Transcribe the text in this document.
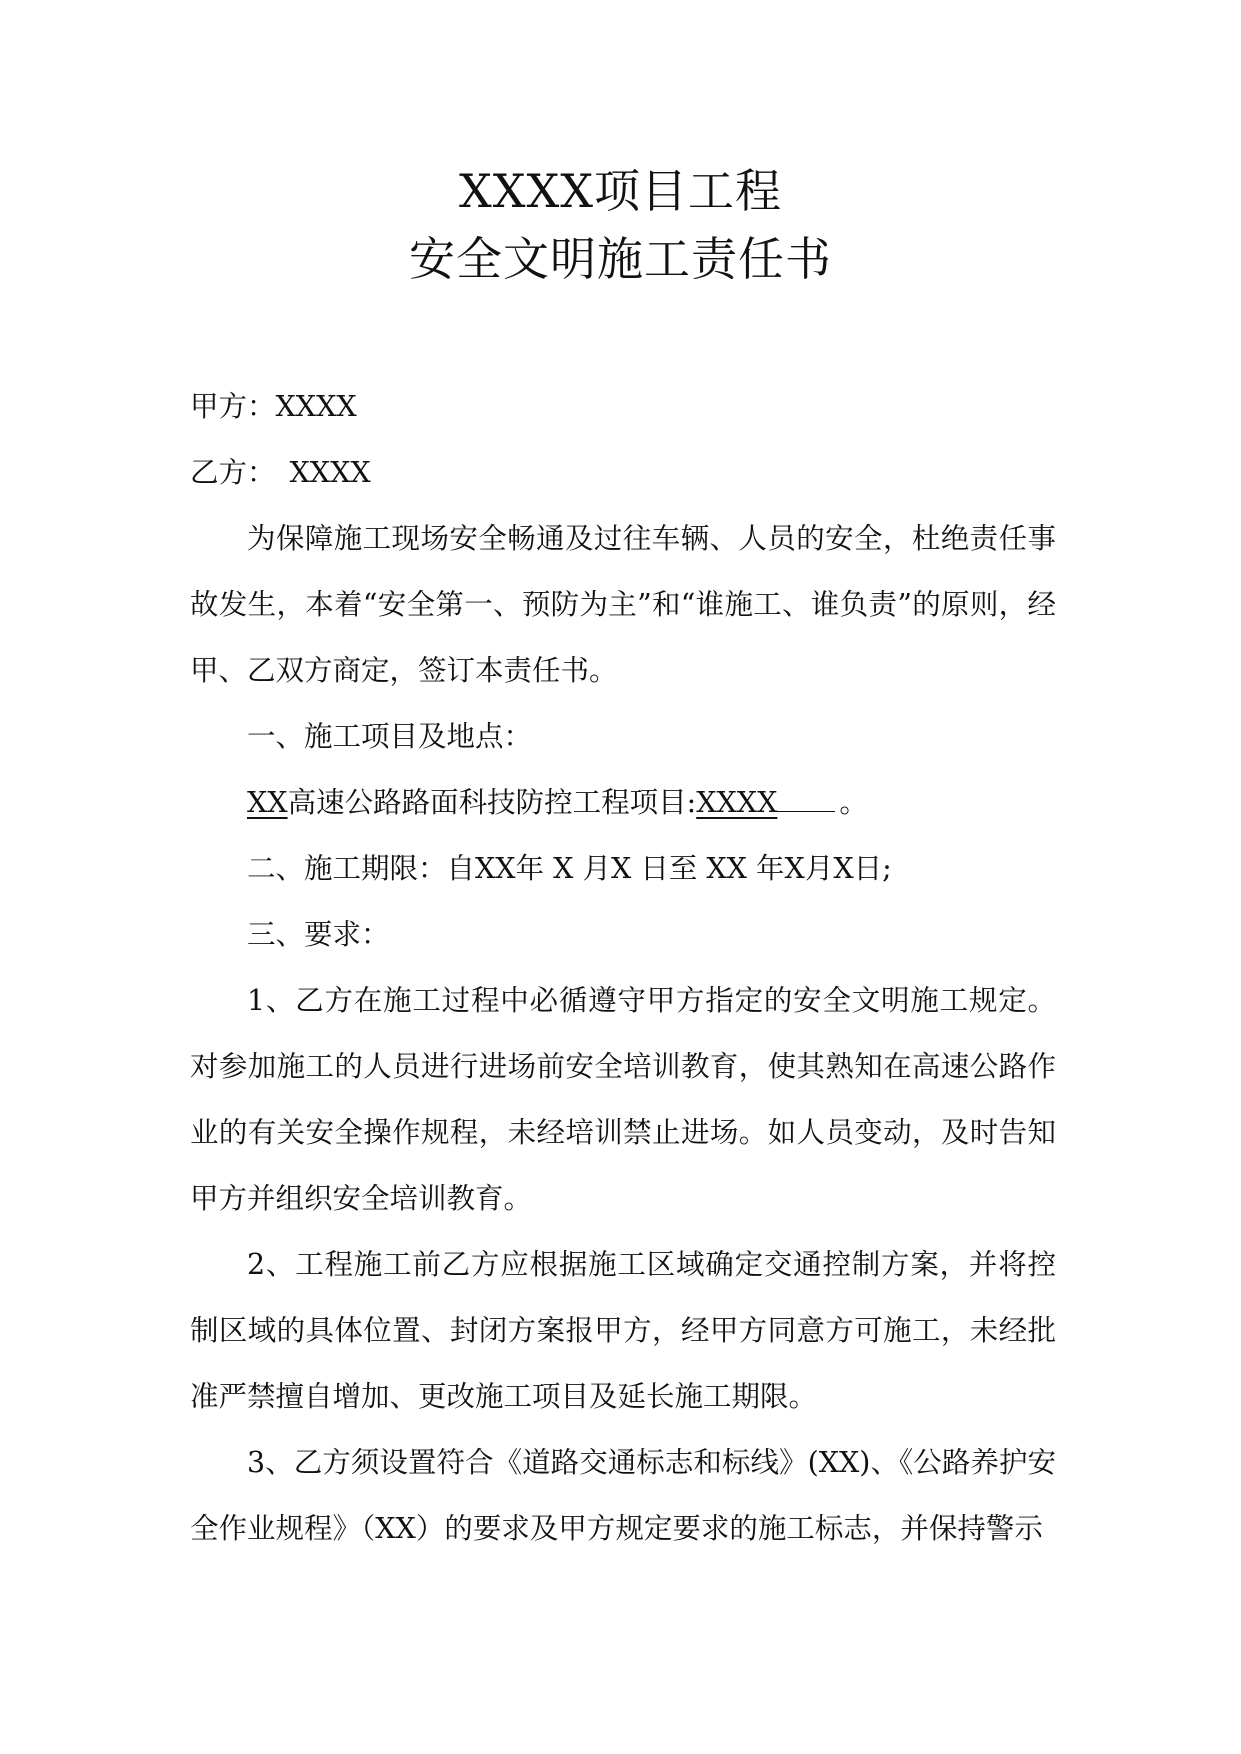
XXXX项目工程
安全文明施工责任书
甲方：XXXX
乙方： XXXX
为保障施工现场安全畅通及过往车辆、人员的安全，杜绝责任事故发生，本着“安全第一、预防为主”和“谁施工、谁负责”的原则，经甲、乙双方商定，签订本责任书。
一、施工项目及地点：
XX高速公路路面科技防控工程项目:XXXX 。
二、施工期限：自XX年 X 月X 日至 XX 年X月X日;
三、要求：
1、乙方在施工过程中必循遵守甲方指定的安全文明施工规定。对参加施工的人员进行进场前安全培训教育，使其熟知在高速公路作业的有关安全操作规程，未经培训禁止进场。如人员变动，及时告知甲方并组织安全培训教育。
2、工程施工前乙方应根据施工区域确定交通控制方案，并将控制区域的具体位置、封闭方案报甲方，经甲方同意方可施工，未经批准严禁擅自增加、更改施工项目及延长施工期限。
3、乙方须设置符合《道路交通标志和标线》(XX)、《公路养护安全作业规程》（XX）的要求及甲方规定要求的施工标志，并保持警示
